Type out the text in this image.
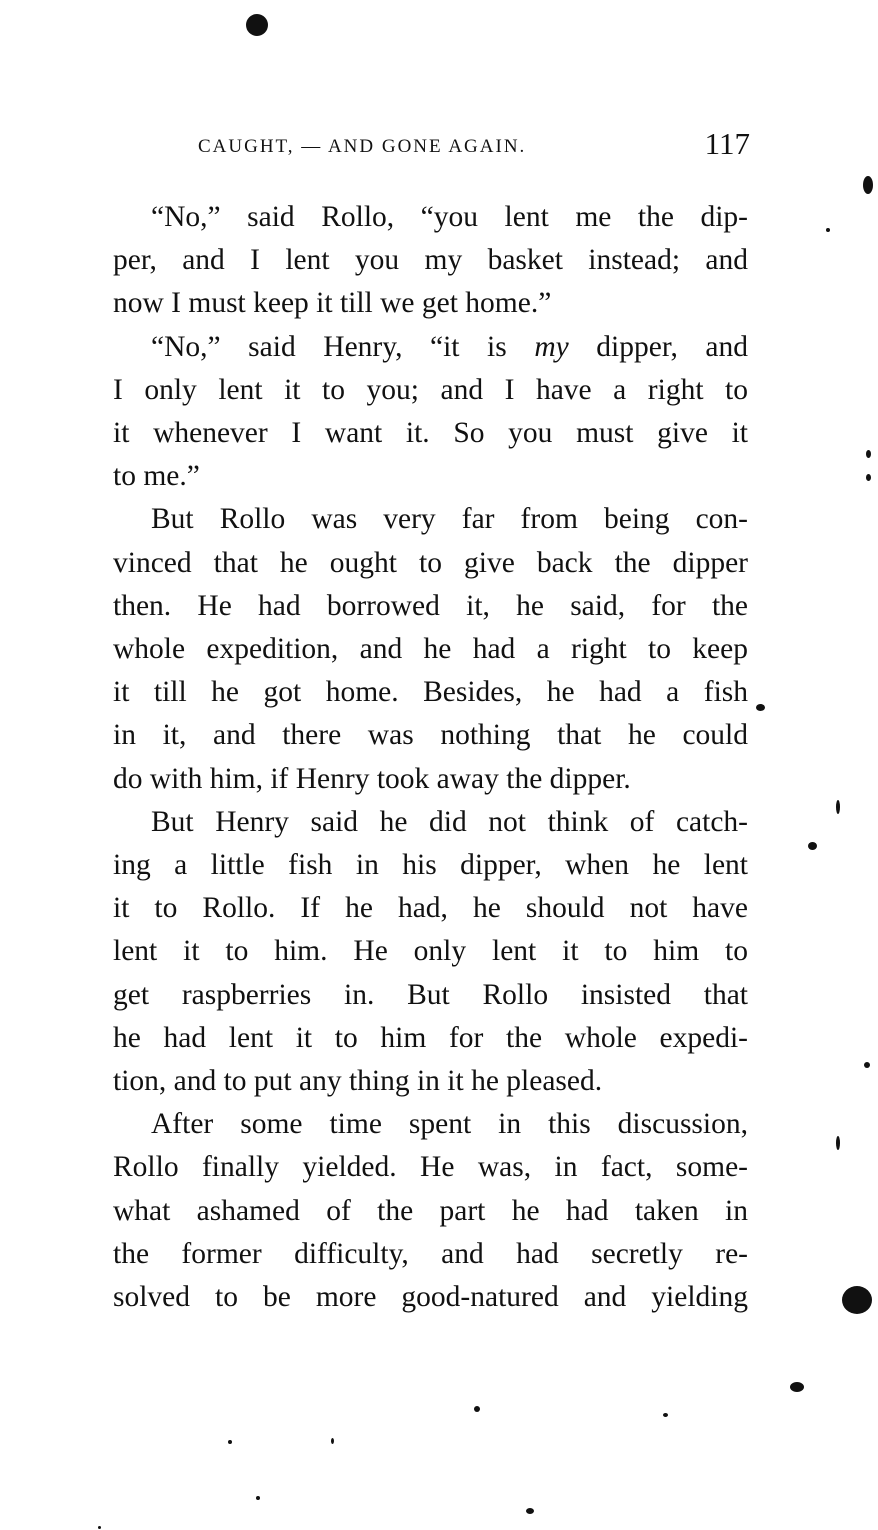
CAUGHT, — AND GONE AGAIN.	117
“No,” said Rollo, “you lent me the dip-
per, and I lent you my basket instead; and
now I must keep it till we get home.”
“No,” said Henry, “it is my dipper, and
I only lent it to you; and I have a right to
it whenever I want it. So you must give it
to me.”
But Rollo was very far from being con-
vinced that he ought to give back the dipper
then. He had borrowed it, he said, for the
whole expedition, and he had a right to keep
it till he got home. Besides, he had a fish
in it, and there was nothing that he could
do with him, if Henry took away the dipper.
But Henry said he did not think of catch-
ing a little fish in his dipper, when he lent
it to Rollo. If he had, he should not have
lent it to him. He only lent it to him to
get raspberries in. But Rollo insisted that
he had lent it to him for the whole expedi-
tion, and to put any thing in it he pleased.
After some time spent in this discussion,
Rollo finally yielded. He was, in fact, some-
what ashamed of the part he had taken in
the former difficulty, and had secretly re-
solved to be more good-natured and yielding
